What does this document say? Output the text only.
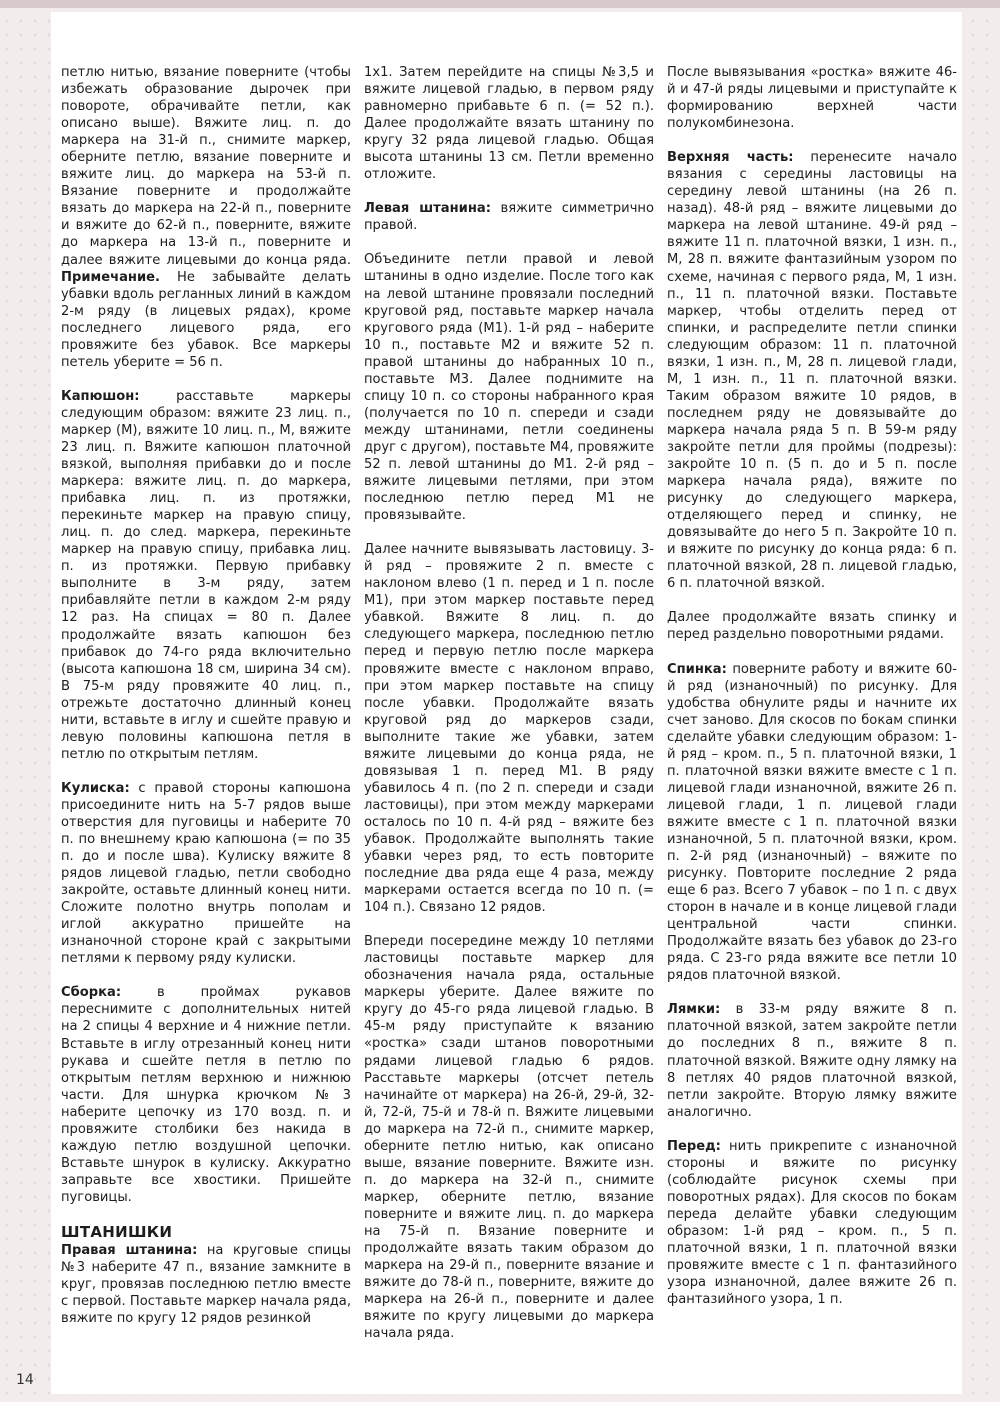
петлю нитью, вязание поверните (чтобы избежать образование дырочек при повороте, обрачивайте петли, как описано выше). Вяжите лиц. п. до маркера на 31-й п., снимите маркер, оберните петлю, вязание поверните и вяжите лиц. до маркера на 53-й п. Вязание поверните и продолжайте вязать до маркера на 22-й п., поверните и вяжите до 62-й п., поверните, вяжите до маркера на 13-й п., поверните и далее вяжите лицевыми до конца ряда. Примечание. Не забывайте делать убавки вдоль регланных линий в каждом 2-м ряду (в лицевых рядах), кроме последнего лицевого ряда, его провяжите без убавок. Все маркеры петель уберите = 56 п.

Капюшон: расставьте маркеры следующим образом: вяжите 23 лиц. п., маркер (М), вяжите 10 лиц. п., М, вяжите 23 лиц. п. Вяжите капюшон платочной вязкой, выполняя прибавки до и после маркера: вяжите лиц. п. до маркера, прибавка лиц. п. из протяжки, перекиньте маркер на правую спицу, лиц. п. до след. маркера, перекиньте маркер на правую спицу, прибавка лиц. п. из протяжки. Первую прибавку выполните в 3-м ряду, затем прибавляйте петли в каждом 2-м ряду 12 раз. На спицах = 80 п. Далее продолжайте вязать капюшон без прибавок до 74-го ряда включительно (высота капюшона 18 см, ширина 34 см). В 75-м ряду провяжите 40 лиц. п., отрежьте достаточно длинный конец нити, вставьте в иглу и сшейте правую и левую половины капюшона петля в петлю по открытым петлям.

Кулиска: с правой стороны капюшона присоедините нить на 5-7 рядов выше отверстия для пуговицы и наберите 70 п. по внешнему краю капюшона (= по 35 п. до и после шва). Кулиску вяжите 8 рядов лицевой гладью, петли свободно закройте, оставьте длинный конец нити. Сложите полотно внутрь пополам и иглой аккуратно пришейте на изнаночной стороне край с закрытыми петлями к первому ряду кулиски.

Сборка: в проймах рукавов переснимите с дополнительных нитей на 2 спицы 4 верхние и 4 нижние петли. Вставьте в иглу отрезанный конец нити рукава и сшейте петля в петлю по открытым петлям верхнюю и нижнюю части. Для шнурка крючком №3 наберите цепочку из 170 возд. п. и провяжите столбики без накида в каждую петлю воздушной цепочки. Вставьте шнурок в кулиску. Аккуратно заправьте все хвостики. Пришейте пуговицы.

ШТАНИШКИ

Правая штанина: на круговые спицы №3 наберите 47 п., вязание замкните в круг, провязав последнюю петлю вместе с первой. Поставьте маркер начала ряда, вяжите по кругу 12 рядов резинкой

1х1. Затем перейдите на спицы №3,5 и вяжите лицевой гладью, в первом ряду равномерно прибавьте 6 п. (= 52 п.). Далее продолжайте вязать штанину по кругу 32 ряда лицевой гладью. Общая высота штанины 13 см. Петли временно отложите.

Левая штанина: вяжите симметрично правой.

Объедините петли правой и левой штанины в одно изделие. После того как на левой штанине провязали последний круговой ряд, поставьте маркер начала кругового ряда (М1). 1-й ряд – наберите 10 п., поставьте М2 и вяжите 52 п. правой штанины до набранных 10 п., поставьте М3. Далее поднимите на спицу 10 п. со стороны набранного края (получается по 10 п. спереди и сзади между штанинами, петли соединены друг с другом), поставьте М4, провяжите 52 п. левой штанины до М1. 2-й ряд – вяжите лицевыми петлями, при этом последнюю петлю перед М1 не провязывайте.

Далее начните вывязывать ластовицу. 3-й ряд – провяжите 2 п. вместе с наклоном влево (1 п. перед и 1 п. после М1), при этом маркер поставьте перед убавкой. Вяжите 8 лиц. п. до следующего маркера, последнюю петлю перед и первую петлю после маркера провяжите вместе с наклоном вправо, при этом маркер поставьте на спицу после убавки. Продолжайте вязать круговой ряд до маркеров сзади, выполните такие же убавки, затем вяжите лицевыми до конца ряда, не довязывая 1 п. перед М1. В ряду убавилось 4 п. (по 2 п. спереди и сзади ластовицы), при этом между маркерами осталось по 10 п. 4-й ряд – вяжите без убавок. Продолжайте выполнять такие убавки через ряд, то есть повторите последние два ряда еще 4 раза, между маркерами остается всегда по 10 п. (= 104 п.). Связано 12 рядов.

Впереди посередине между 10 петлями ластовицы поставьте маркер для обозначения начала ряда, остальные маркеры уберите. Далее вяжите по кругу до 45-го ряда лицевой гладью. В 45-м ряду приступайте к вязанию «ростка» сзади штанов поворотными рядами лицевой гладью 6 рядов. Расставьте маркеры (отсчет петель начинайте от маркера) на 26-й, 29-й, 32-й, 72-й, 75-й и 78-й п. Вяжите лицевыми до маркера на 72-й п., снимите маркер, оберните петлю нитью, как описано выше, вязание поверните. Вяжите изн. п. до маркера на 32-й п., снимите маркер, оберните петлю, вязание поверните и вяжите лиц. п. до маркера на 75-й п. Вязание поверните и продолжайте вязать таким образом до маркера на 29-й п., поверните вязание и вяжите до 78-й п., поверните, вяжите до маркера на 26-й п., поверните и далее вяжите по кругу лицевыми до маркера начала ряда.

После вывязывания «ростка» вяжите 46-й и 47-й ряды лицевыми и приступайте к формированию верхней части полукомбинезона.

Верхняя часть: перенесите начало вязания с середины ластовицы на середину левой штанины (на 26 п. назад). 48-й ряд – вяжите лицевыми до маркера на левой штанине. 49-й ряд – вяжите 11 п. платочной вязки, 1 изн. п., М, 28 п. вяжите фантазийным узором по схеме, начиная с первого ряда, М, 1 изн. п., 11 п. платочной вязки. Поставьте маркер, чтобы отделить перед от спинки, и распределите петли спинки следующим образом: 11 п. платочной вязки, 1 изн. п., М, 28 п. лицевой глади, М, 1 изн. п., 11 п. платочной вязки. Таким образом вяжите 10 рядов, в последнем ряду не довязывайте до маркера начала ряда 5 п. В 59-м ряду закройте петли для проймы (подрезы): закройте 10 п. (5 п. до и 5 п. после маркера начала ряда), вяжите по рисунку до следующего маркера, отделяющего перед и спинку, не довязывайте до него 5 п. Закройте 10 п. и вяжите по рисунку до конца ряда: 6 п. платочной вязкой, 28 п. лицевой гладью, 6 п. платочной вязкой.

Далее продолжайте вязать спинку и перед раздельно поворотными рядами.

Спинка: поверните работу и вяжите 60-й ряд (изнаночный) по рисунку. Для удобства обнулите ряды и начните их счет заново. Для скосов по бокам спинки сделайте убавки следующим образом: 1-й ряд – кром. п., 5 п. платочной вязки, 1 п. платочной вязки вяжите вместе с 1 п. лицевой глади изнаночной, вяжите 26 п. лицевой глади, 1 п. лицевой глади вяжите вместе с 1 п. платочной вязки изнаночной, 5 п. платочной вязки, кром. п. 2-й ряд (изнаночный) – вяжите по рисунку. Повторите последние 2 ряда еще 6 раз. Всего 7 убавок – по 1 п. с двух сторон в начале и в конце лицевой глади центральной части спинки. Продолжайте вязать без убавок до 23-го ряда. С 23-го ряда вяжите все петли 10 рядов платочной вязкой.

Лямки: в 33-м ряду вяжите 8 п. платочной вязкой, затем закройте петли до последних 8 п., вяжите 8 п. платочной вязкой. Вяжите одну лямку на 8 петлях 40 рядов платочной вязкой, петли закройте. Вторую лямку вяжите аналогично.

Перед: нить прикрепите с изнаночной стороны и вяжите по рисунку (соблюдайте рисунок схемы при поворотных рядах). Для скосов по бокам переда делайте убавки следующим образом: 1-й ряд – кром. п., 5 п. платочной вязки, 1 п. платочной вязки провяжите вместе с 1 п. фантазийного узора изнаночной, далее вяжите 26 п. фантазийного узора, 1 п.

14
